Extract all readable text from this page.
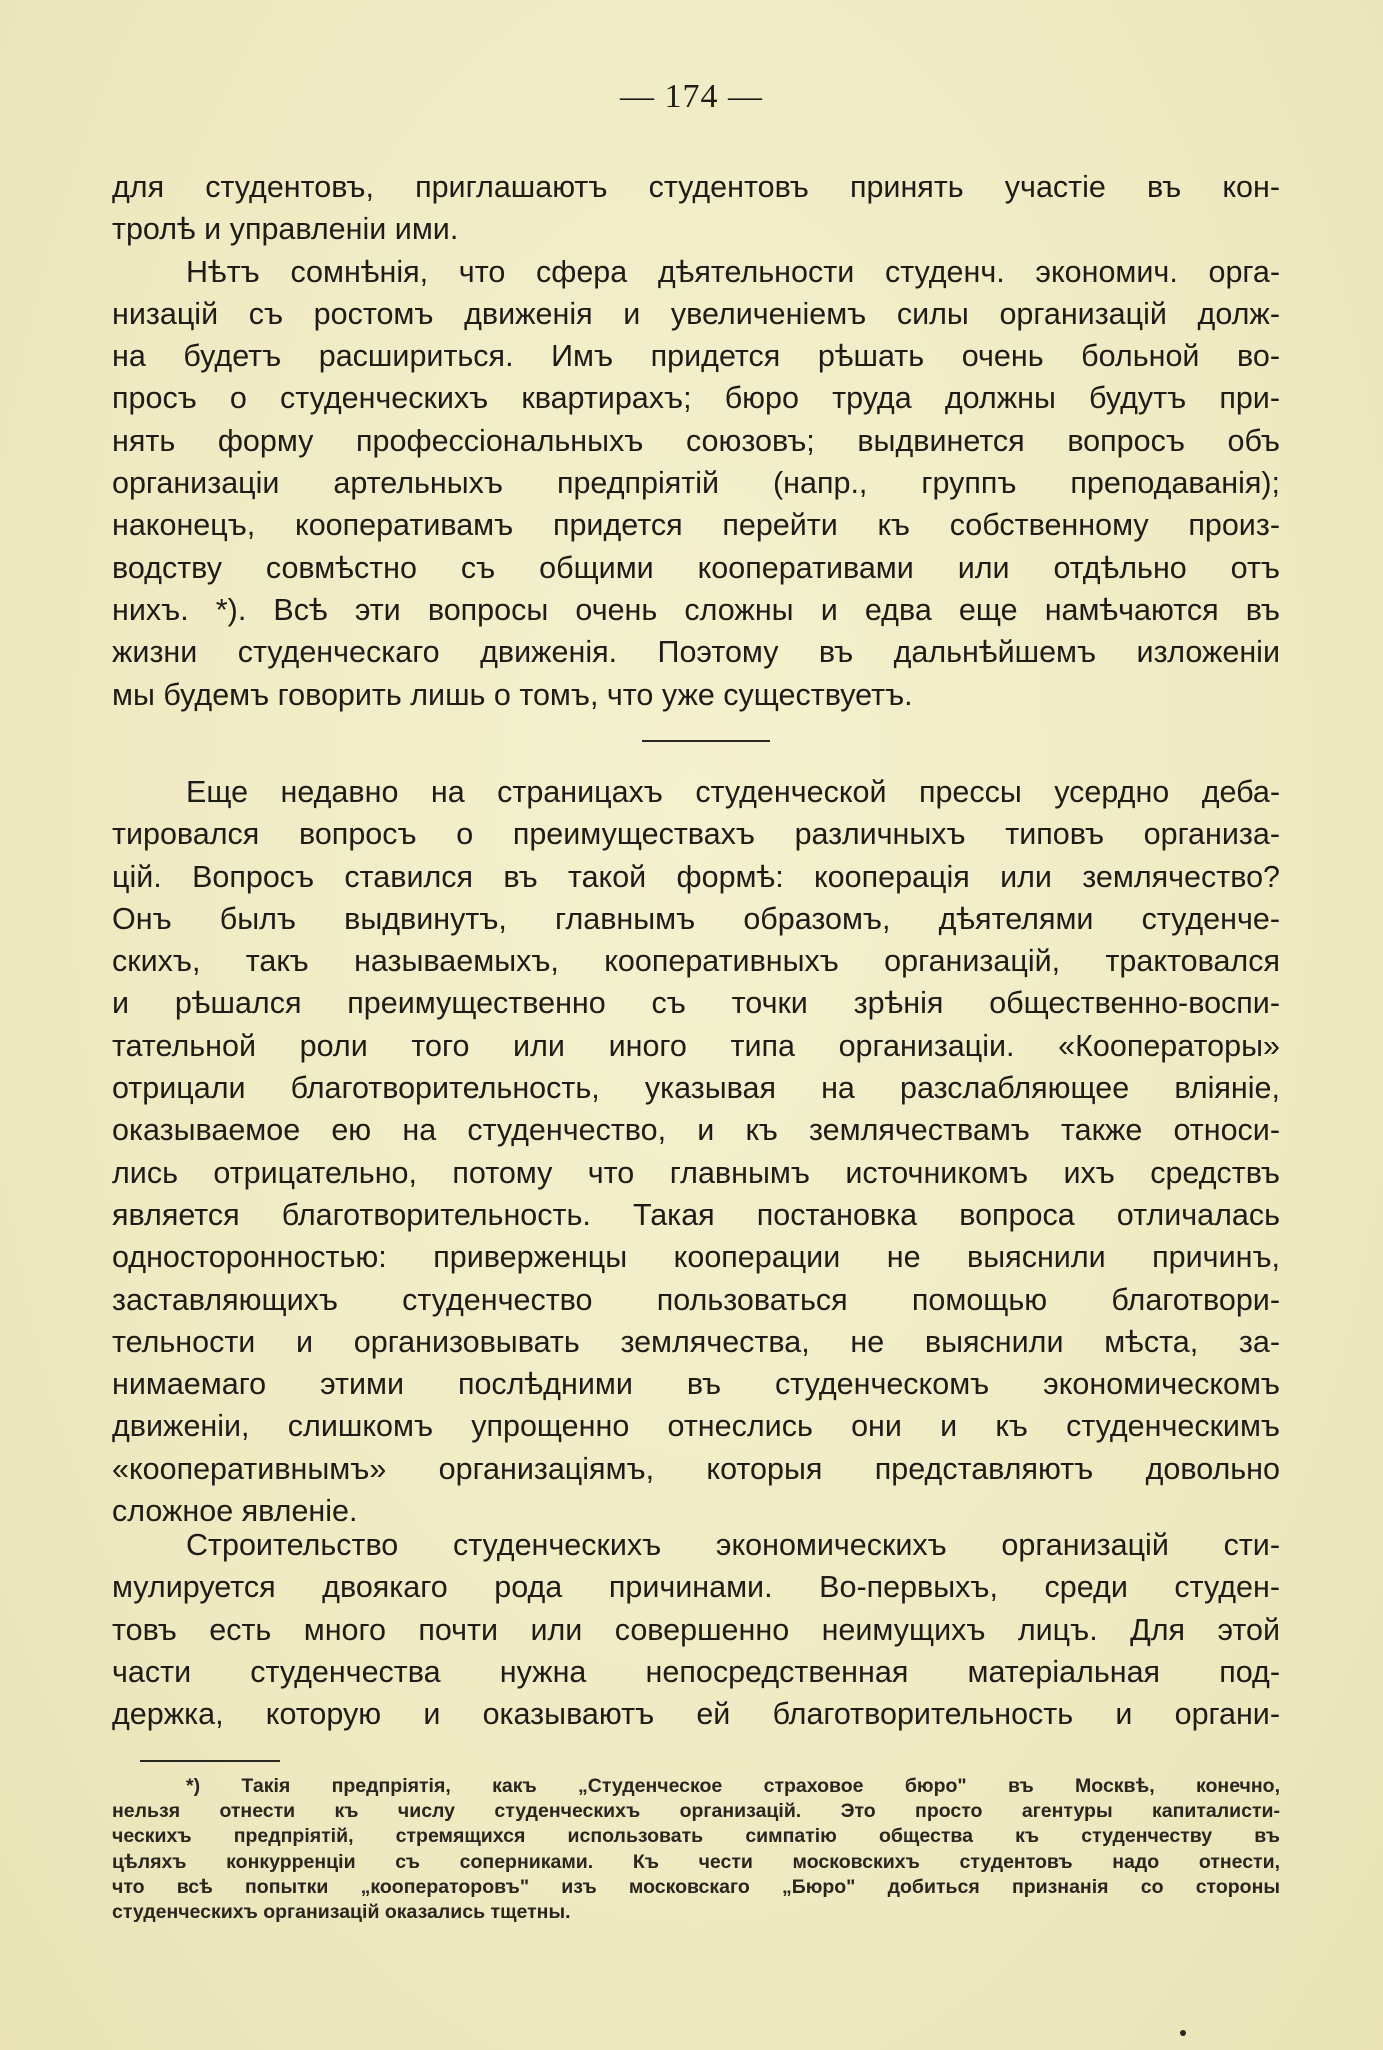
— 174 —
для студентовъ, приглашаютъ студентовъ принять участіе въ кон-
тролѣ и управленіи ими.
Нѣтъ сомнѣнія, что сфера дѣятельности студенч. экономич. орга-
низацій съ ростомъ движенія и увеличеніемъ силы организацій долж-
на будетъ расшириться. Имъ придется рѣшать очень больной во-
просъ о студенческихъ квартирахъ; бюро труда должны будутъ при-
нять форму профессіональныхъ союзовъ; выдвинется вопросъ объ
организаціи артельныхъ предпріятій (напр., группъ преподаванія);
наконецъ, кооперативамъ придется перейти къ собственному произ-
водству совмѣстно съ общими кооперативами или отдѣльно отъ
нихъ. *). Всѣ эти вопросы очень сложны и едва еще намѣчаются въ
жизни студенческаго движенія. Поэтому въ дальнѣйшемъ изложеніи
мы будемъ говорить лишь о томъ, что уже существуетъ.
Еще недавно на страницахъ студенческой прессы усердно деба-
тировался вопросъ о преимуществахъ различныхъ типовъ организа-
цій. Вопросъ ставился въ такой формѣ: кооперація или землячество?
Онъ былъ выдвинутъ, главнымъ образомъ, дѣятелями студенче-
скихъ, такъ называемыхъ, кооперативныхъ организацій, трактовался
и рѣшался преимущественно съ точки зрѣнія общественно-воспи-
тательной роли того или иного типа организаціи. «Кооператоры»
отрицали благотворительность, указывая на разслабляющее вліяніе,
оказываемое ею на студенчество, и къ землячествамъ также относи-
лись отрицательно, потому что главнымъ источникомъ ихъ средствъ
является благотворительность. Такая постановка вопроса отличалась
односторонностью: приверженцы кооперации не выяснили причинъ,
заставляющихъ студенчество пользоваться помощью благотвори-
тельности и организовывать землячества, не выяснили мѣста, за-
нимаемаго этими послѣдними въ студенческомъ экономическомъ
движеніи, слишкомъ упрощенно отнеслись они и къ студенческимъ
«кооперативнымъ» организаціямъ, которыя представляютъ довольно
сложное явленіе.
Строительство студенческихъ экономическихъ организацій сти-
мулируется двоякаго рода причинами. Во-первыхъ, среди студен-
товъ есть много почти или совершенно неимущихъ лицъ. Для этой
части студенчества нужна непосредственная матеріальная под-
держка, которую и оказываютъ ей благотворительность и органи-
*) Такія предпріятія, какъ „Студенческое страховое бюро" въ Москвѣ, конечно,
нельзя отнести къ числу студенческихъ организацій. Это просто агентуры капиталисти-
ческихъ предпріятій, стремящихся использовать симпатію общества къ студенчеству въ
цѣляхъ конкурренціи съ соперниками. Къ чести московскихъ студентовъ надо отнести,
что всѣ попытки „кооператоровъ" изъ московскаго „Бюро" добиться признанія со стороны
студенческихъ организацій оказались тщетны.
